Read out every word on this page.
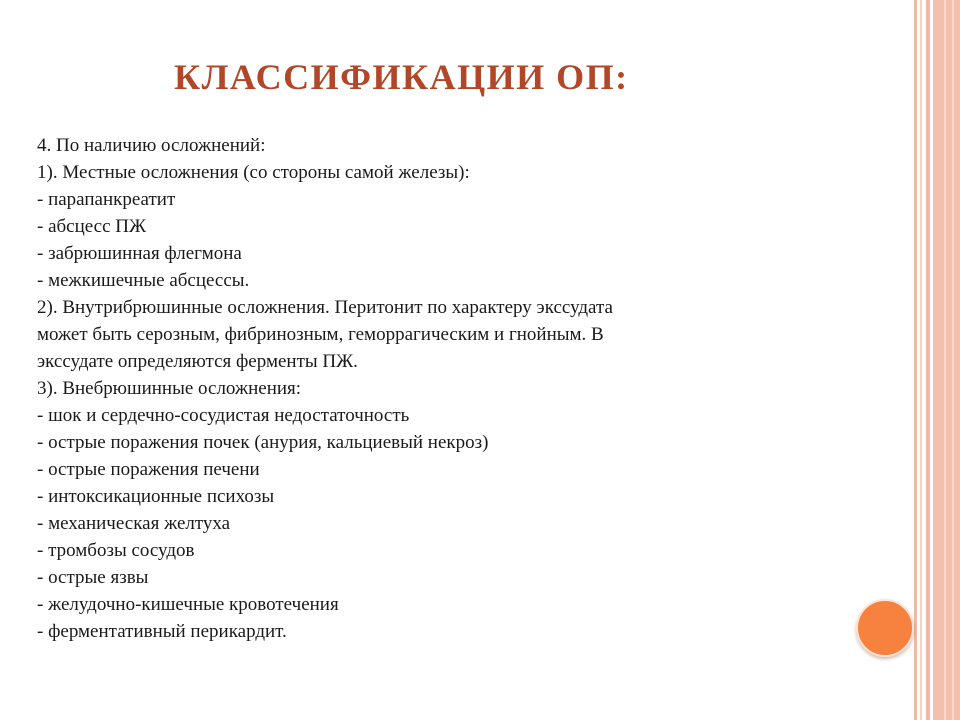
КЛАССИФИКАЦИИ ОП:
4. По наличию осложнений:
1). Местные осложнения (со стороны самой железы):
- парапанкреатит
- абсцесс ПЖ
- забрюшинная флегмона
- межкишечные абсцессы.
2). Внутрибрюшинные осложнения. Перитонит по характеру экссудата
может быть серозным, фибринозным, геморрагическим и гнойным. В
экссудате определяются ферменты ПЖ.
3). Внебрюшинные осложнения:
- шок и сердечно-сосудистая недостаточность
- острые поражения почек (анурия, кальциевый некроз)
- острые поражения печени
- интоксикационные психозы
- механическая желтуха
- тромбозы сосудов
- острые язвы
- желудочно-кишечные кровотечения
- ферментативный перикардит.
